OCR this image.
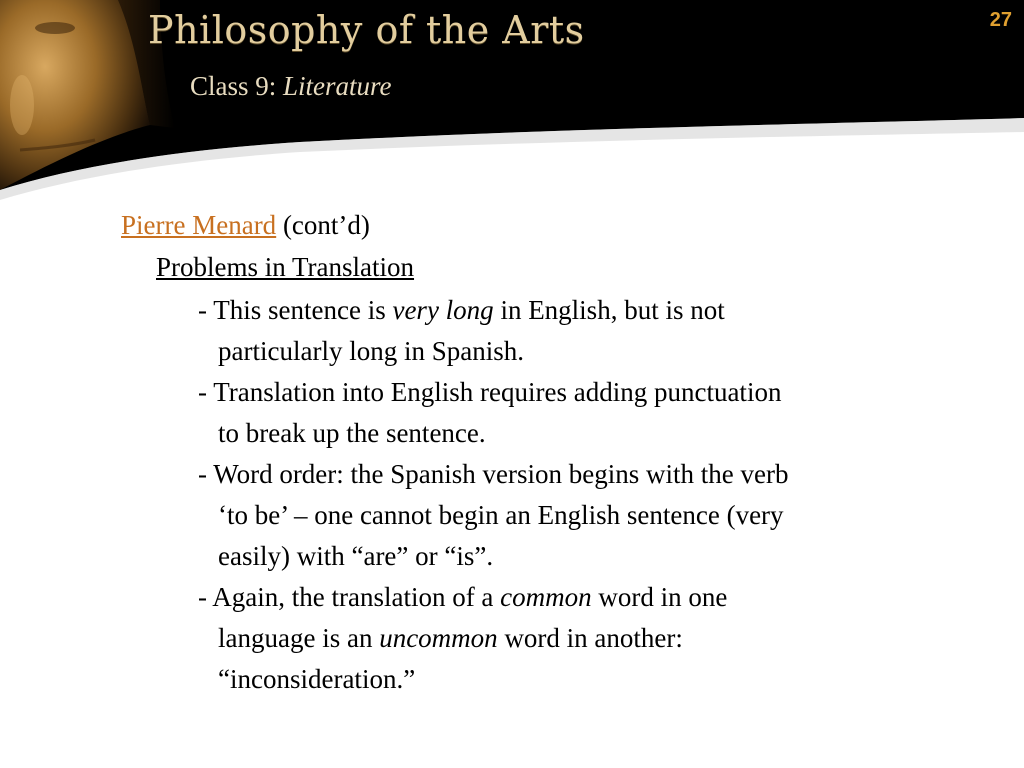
Philosophy of the Arts
Class 9: Literature
27
Pierre Menard (cont’d)
Problems in Translation
- This sentence is very long in English, but is not
particularly long in Spanish.
- Translation into English requires adding punctuation
to break up the sentence.
- Word order: the Spanish version begins with the verb
‘to be’ – one cannot begin an English sentence (very
easily) with “are” or “is”.
- Again, the translation of a common word in one
language is an uncommon word in another:
“inconsideration.”
